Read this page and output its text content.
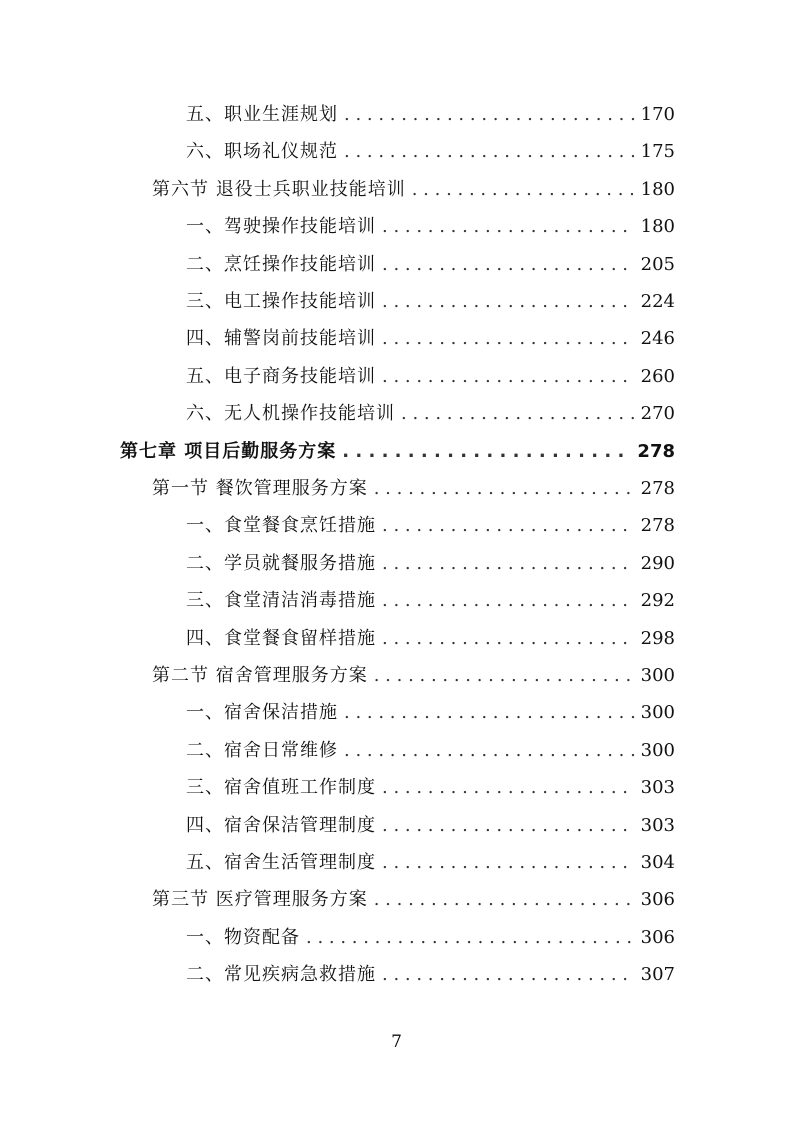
五、职业生涯规划 . . .	170
六、职场礼仪规范 . . .	175
第六节 退役士兵职业技能培训 . . .	180
一、驾驶操作技能培训 . . .	180
二、烹饪操作技能培训 . . .	205
三、电工操作技能培训 . . .	224
四、辅警岗前技能培训 . . .	246
五、电子商务技能培训 . . .	260
六、无人机操作技能培训 . . .	270
第七章 项目后勤服务方案 . . .	278
第一节 餐饮管理服务方案 . . .	278
一、食堂餐食烹饪措施 . . .	278
二、学员就餐服务措施 . . .	290
三、食堂清洁消毒措施 . . .	292
四、食堂餐食留样措施 . . .	298
第二节 宿舍管理服务方案 . . .	300
一、宿舍保洁措施 . . .	300
二、宿舍日常维修 . . .	300
三、宿舍值班工作制度 . . .	303
四、宿舍保洁管理制度 . . .	303
五、宿舍生活管理制度 . . .	304
第三节 医疗管理服务方案 . . .	306
一、物资配备 . . .	306
二、常见疾病急救措施 . . .	307
7
